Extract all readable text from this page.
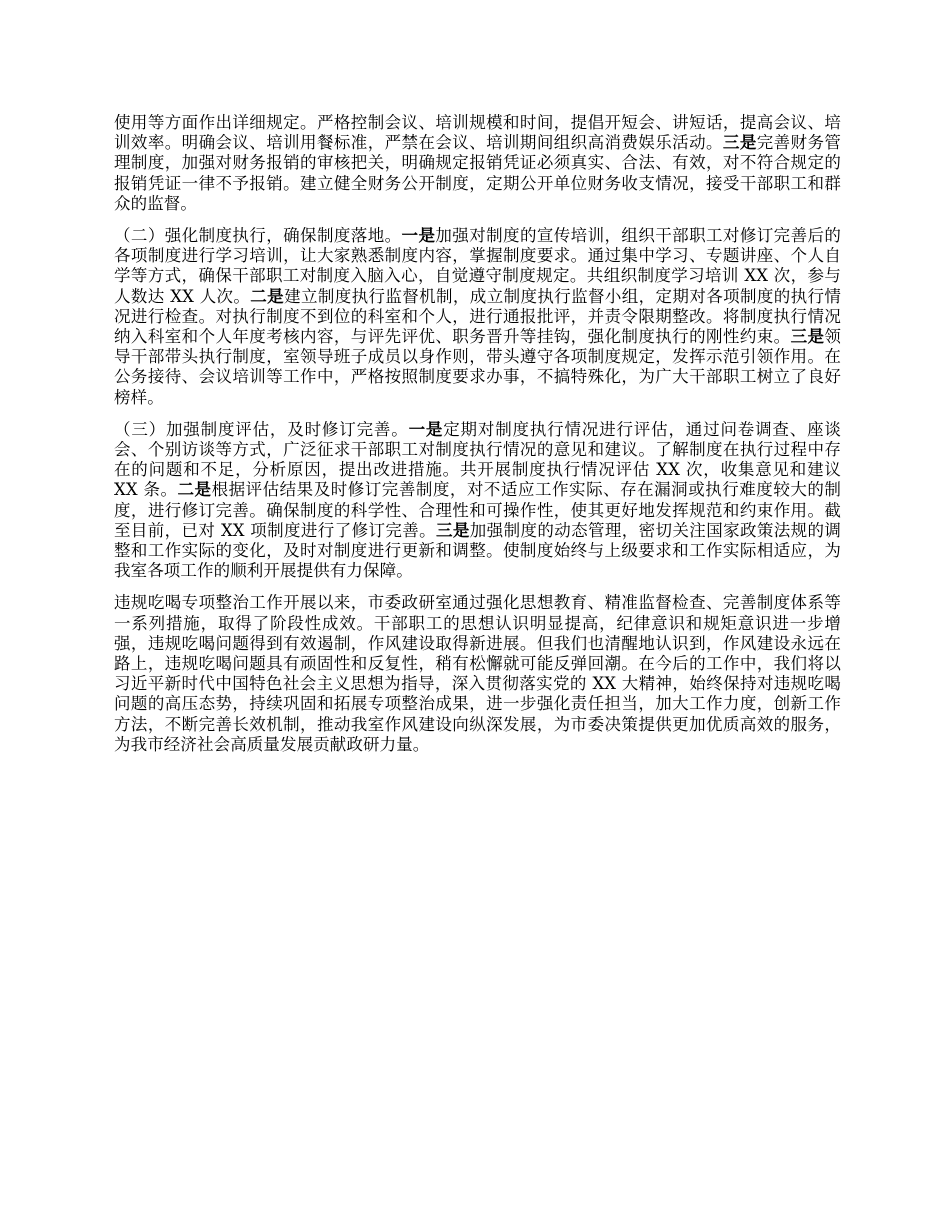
使用等方面作出详细规定。严格控制会议、培训规模和时间，提倡开短会、讲短话，提高会议、培训效率。明确会议、培训用餐标准，严禁在会议、培训期间组织高消费娱乐活动。三是完善财务管理制度，加强对财务报销的审核把关，明确规定报销凭证必须真实、合法、有效，对不符合规定的报销凭证一律不予报销。建立健全财务公开制度，定期公开单位财务收支情况，接受干部职工和群众的监督。

（二）强化制度执行，确保制度落地。一是加强对制度的宣传培训，组织干部职工对修订完善后的各项制度进行学习培训，让大家熟悉制度内容，掌握制度要求。通过集中学习、专题讲座、个人自学等方式，确保干部职工对制度入脑入心，自觉遵守制度规定。共组织制度学习培训 XX 次，参与人数达 XX 人次。二是建立制度执行监督机制，成立制度执行监督小组，定期对各项制度的执行情况进行检查。对执行制度不到位的科室和个人，进行通报批评，并责令限期整改。将制度执行情况纳入科室和个人年度考核内容，与评先评优、职务晋升等挂钩，强化制度执行的刚性约束。三是领导干部带头执行制度，室领导班子成员以身作则，带头遵守各项制度规定，发挥示范引领作用。在公务接待、会议培训等工作中，严格按照制度要求办事，不搞特殊化，为广大干部职工树立了良好榜样。

（三）加强制度评估，及时修订完善。一是定期对制度执行情况进行评估，通过问卷调查、座谈会、个别访谈等方式，广泛征求干部职工对制度执行情况的意见和建议。了解制度在执行过程中存在的问题和不足，分析原因，提出改进措施。共开展制度执行情况评估 XX 次，收集意见和建议 XX 条。二是根据评估结果及时修订完善制度，对不适应工作实际、存在漏洞或执行难度较大的制度，进行修订完善。确保制度的科学性、合理性和可操作性，使其更好地发挥规范和约束作用。截至目前，已对 XX 项制度进行了修订完善。三是加强制度的动态管理，密切关注国家政策法规的调整和工作实际的变化，及时对制度进行更新和调整。使制度始终与上级要求和工作实际相适应，为我室各项工作的顺利开展提供有力保障。

违规吃喝专项整治工作开展以来，市委政研室通过强化思想教育、精准监督检查、完善制度体系等一系列措施，取得了阶段性成效。干部职工的思想认识明显提高，纪律意识和规矩意识进一步增强，违规吃喝问题得到有效遏制，作风建设取得新进展。但我们也清醒地认识到，作风建设永远在路上，违规吃喝问题具有顽固性和反复性，稍有松懈就可能反弹回潮。在今后的工作中，我们将以习近平新时代中国特色社会主义思想为指导，深入贯彻落实党的 XX 大精神，始终保持对违规吃喝问题的高压态势，持续巩固和拓展专项整治成果，进一步强化责任担当，加大工作力度，创新工作方法，不断完善长效机制，推动我室作风建设向纵深发展，为市委决策提供更加优质高效的服务，为我市经济社会高质量发展贡献政研力量。
